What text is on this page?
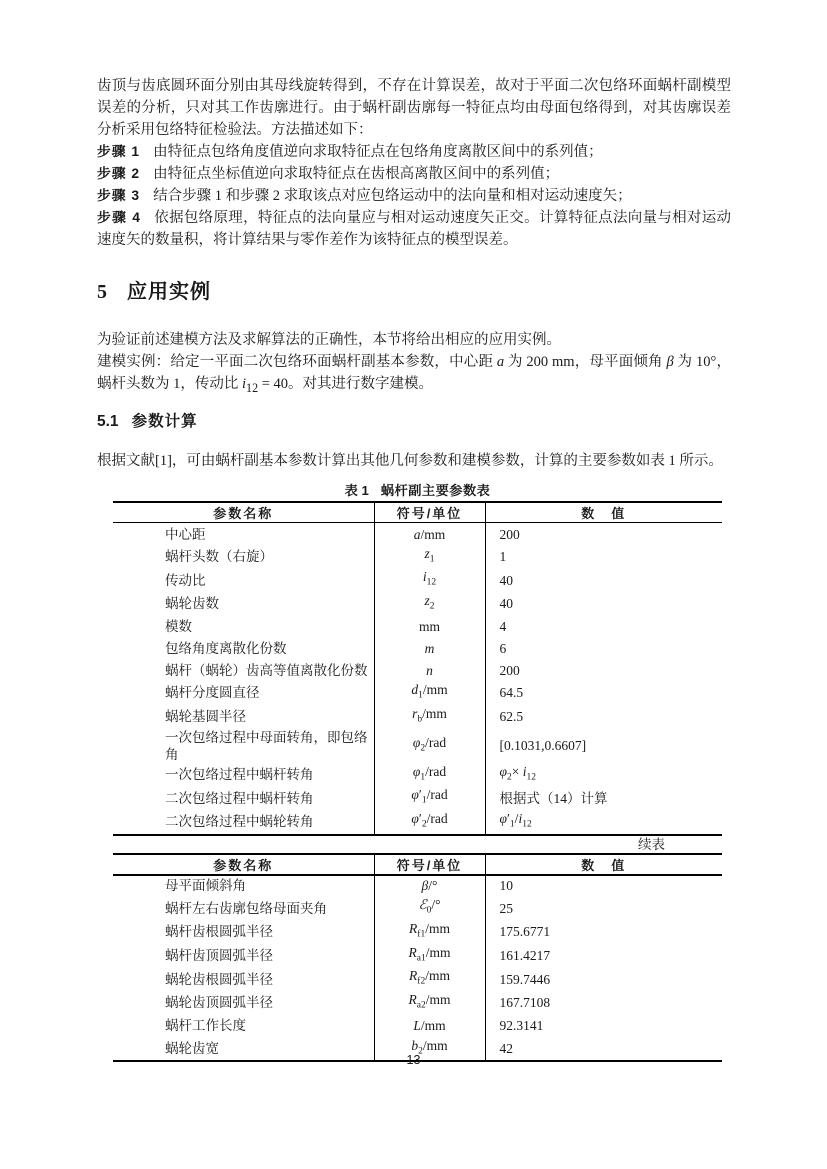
齿顶与齿底圆环面分别由其母线旋转得到，不存在计算误差，故对于平面二次包络环面蜗杆副模型误差的分析，只对其工作齿廓进行。由于蜗杆副齿廓每一特征点均由母面包络得到，对其齿廓误差分析采用包络特征检验法。方法描述如下：

步骤 1 由特征点包络角度值逆向求取特征点在包络角度离散区间中的系列值；

步骤 2 由特征点坐标值逆向求取特征点在齿根高离散区间中的系列值；

步骤 3 结合步骤 1 和步骤 2 求取该点对应包络运动中的法向量和相对运动速度矢；

步骤 4 依据包络原理，特征点的法向量应与相对运动速度矢正交。计算特征点法向量与相对运动速度矢的数量积，将计算结果与零作差作为该特征点的模型误差。

5 应用实例

为验证前述建模方法及求解算法的正确性，本节将给出相应的应用实例。

建模实例：给定一平面二次包络环面蜗杆副基本参数，中心距 a 为 200 mm，母平面倾角 β 为 10°，蜗杆头数为 1，传动比 $i_{12} = 40$。对其进行数字建模。

5.1 参数计算

根据文献[1]，可由蜗杆副基本参数计算出其他几何参数和建模参数，计算的主要参数如表 1 所示。

表 1 蜗杆副主要参数表
参数名称	符号/单位	数　值
中心距	a/mm	200
蜗杆头数（右旋）	$z_1$	1
传动比	$i_{12}$	40
蜗轮齿数	$z_2$	40
模数	mm	4
包络角度离散化份数	m	6
蜗杆（蜗轮）齿高等值离散化份数	n	200
蜗杆分度圆直径	$d_1/mm$	64.5
蜗轮基圆半径	$r_b/mm$	62.5
一次包络过程中母面转角，即包络角	$\varphi_2$/rad	[0.1031,0.6607]
一次包络过程中蜗杆转角	$\varphi_1$/rad	$\varphi_2\times i_{12}$
二次包络过程中蜗杆转角	$\varphi'_1$/rad	根据式（14）计算
二次包络过程中蜗轮转角	$\varphi'_2$/rad	$\varphi'_1/i_{12}$
续表
参数名称	符号/单位	数　值
母平面倾斜角	β/°	10
蜗杆左右齿廓包络母面夹角	ℰ$_0$/°	25
蜗杆齿根圆弧半径	$R_{f1}/mm$	175.6771
蜗杆齿顶圆弧半径	$R_{a1}/mm$	161.4217
蜗轮齿根圆弧半径	$R_{f2}/mm$	159.7446
蜗轮齿顶圆弧半径	$R_{a2}/mm$	167.7108
蜗杆工作长度	L/mm	92.3141
蜗轮齿宽	$b_2/mm$	42
13
